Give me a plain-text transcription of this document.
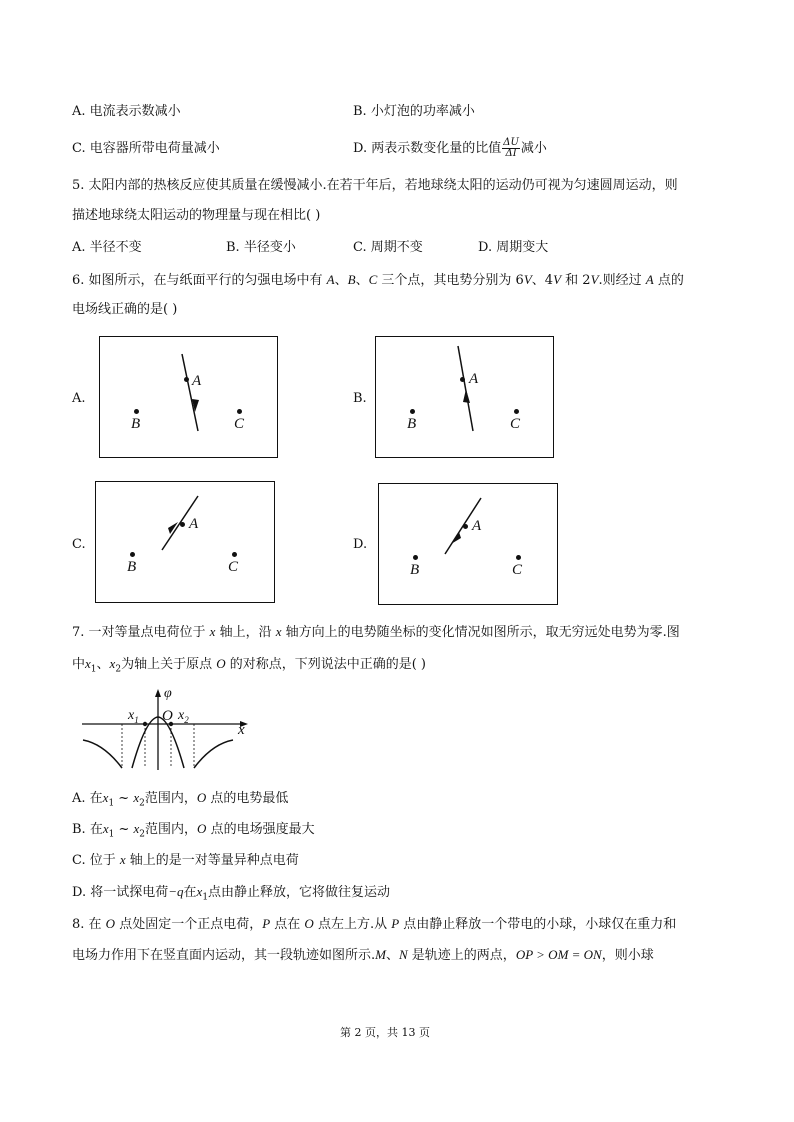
A. 电流表示数减小	B. 小灯泡的功率减小
C. 电容器所带电荷量减小	D. 两表示数变化量的比值 $\frac{\Delta U}{\Delta I}$ 减小
5. 太阳内部的热核反应使其质量在缓慢减小.在若干年后，若地球绕太阳的运动仍可视为匀速圆周运动，则
描述地球绕太阳运动的物理量与现在相比( )
A. 半径不变	B. 半径变小	C. 周期不变	D. 周期变大
6. 如图所示，在与纸面平行的匀强电场中有 A、B、C 三个点，其电势分别为 6V、4V 和 2V.则经过 A 点的
电场线正确的是( )
A.
A
B	C
B.
A
B	C
C.
A
B	C
D.
A
B	C
7. 一对等量点电荷位于 x 轴上，沿 x 轴方向上的电势随坐标的变化情况如图所示，取无穷远处电势为零.图
中$x_1$、$x_2$为轴上关于原点 O 的对称点，下列说法中正确的是( )
φ
O
$x_1$	$x_2$
x
A. 在$x_1$ ~ $x_2$范围内，O 点的电势最低
B. 在$x_1$ ~ $x_2$范围内，O 点的电场强度最大
C. 位于 x 轴上的是一对等量异种点电荷
D. 将一试探电荷−q在$x_1$点由静止释放，它将做往复运动
8. 在 O 点处固定一个正点电荷，P 点在 O 点左上方.从 P 点由静止释放一个带电的小球，小球仅在重力和
电场力作用下在竖直面内运动，其一段轨迹如图所示.M、N 是轨迹上的两点，OP > OM = ON，则小球
第 2 页，共 13 页
